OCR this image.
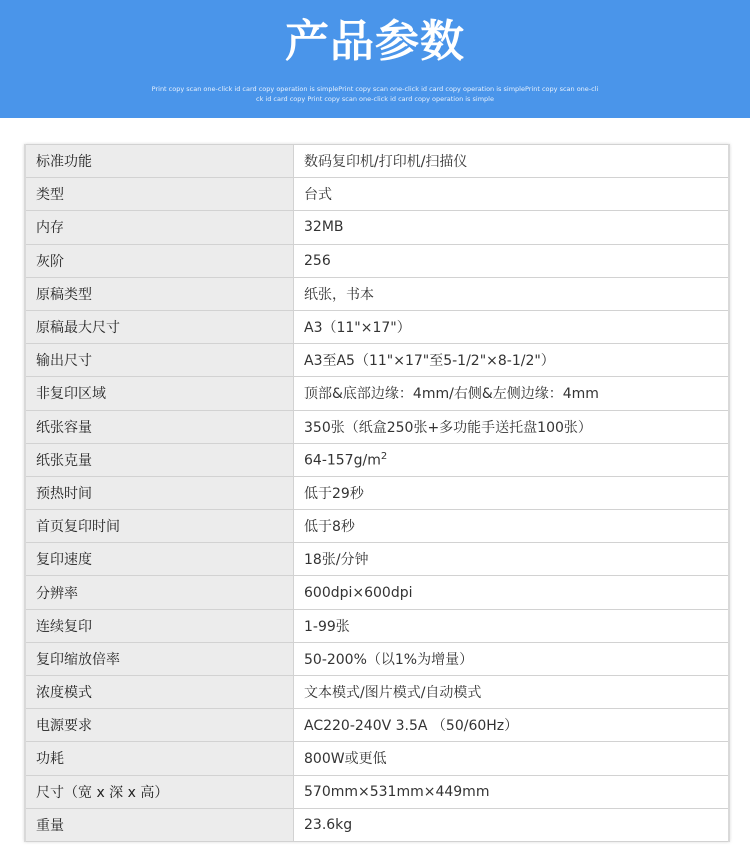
产品参数
Print copy scan one-click id card copy operation is simplePrint copy scan one-click id card copy operation is simplePrint copy scan one-click id card copy Print copy scan one-click id card copy operation is simple
标准功能	数码复印机/打印机/扫描仪
类型	台式
内存	32MB
灰阶	256
原稿类型	纸张，书本
原稿最大尺寸	A3（11"×17"）
输出尺寸	A3至A5（11"×17"至5-1/2"×8-1/2"）
非复印区域	顶部&底部边缘：4mm/右侧&左侧边缘：4mm
纸张容量	350张（纸盒250张+多功能手送托盘100张）
纸张克量	$64-157g/m^2$
预热时间	低于29秒
首页复印时间	低于8秒
复印速度	18张/分钟
分辨率	600dpi×600dpi
连续复印	1-99张
复印缩放倍率	50-200%（以1%为增量）
浓度模式	文本模式/图片模式/自动模式
电源要求	AC220-240V 3.5A （50/60Hz）
功耗	800W或更低
尺寸（宽 x 深 x 高）	570mm×531mm×449mm
重量	23.6kg
